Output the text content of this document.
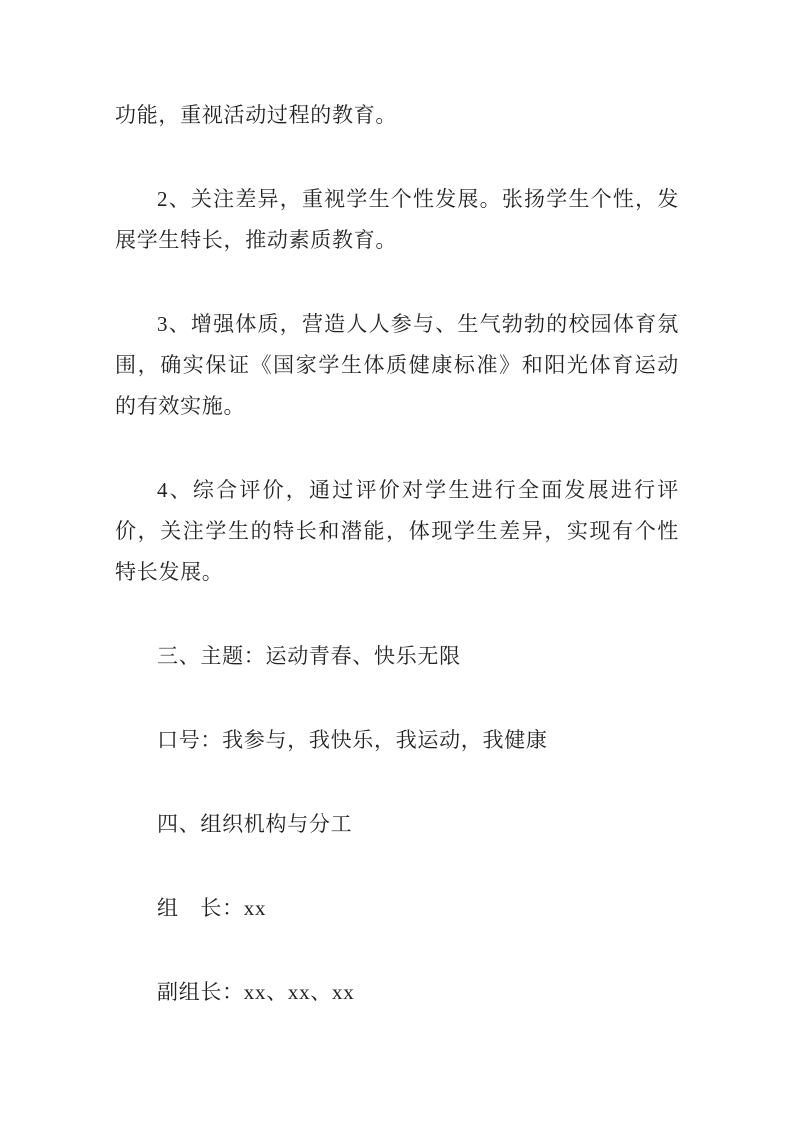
功能，重视活动过程的教育。

2、关注差异，重视学生个性发展。张扬学生个性，发展学生特长，推动素质教育。

3、增强体质，营造人人参与、生气勃勃的校园体育氛围，确实保证《国家学生体质健康标准》和阳光体育运动的有效实施。

4、综合评价，通过评价对学生进行全面发展进行评价，关注学生的特长和潜能，体现学生差异，实现有个性特长发展。

三、主题：运动青春、快乐无限

口号：我参与，我快乐，我运动，我健康

四、组织机构与分工

组　长：xx

副组长：xx、xx、xx
